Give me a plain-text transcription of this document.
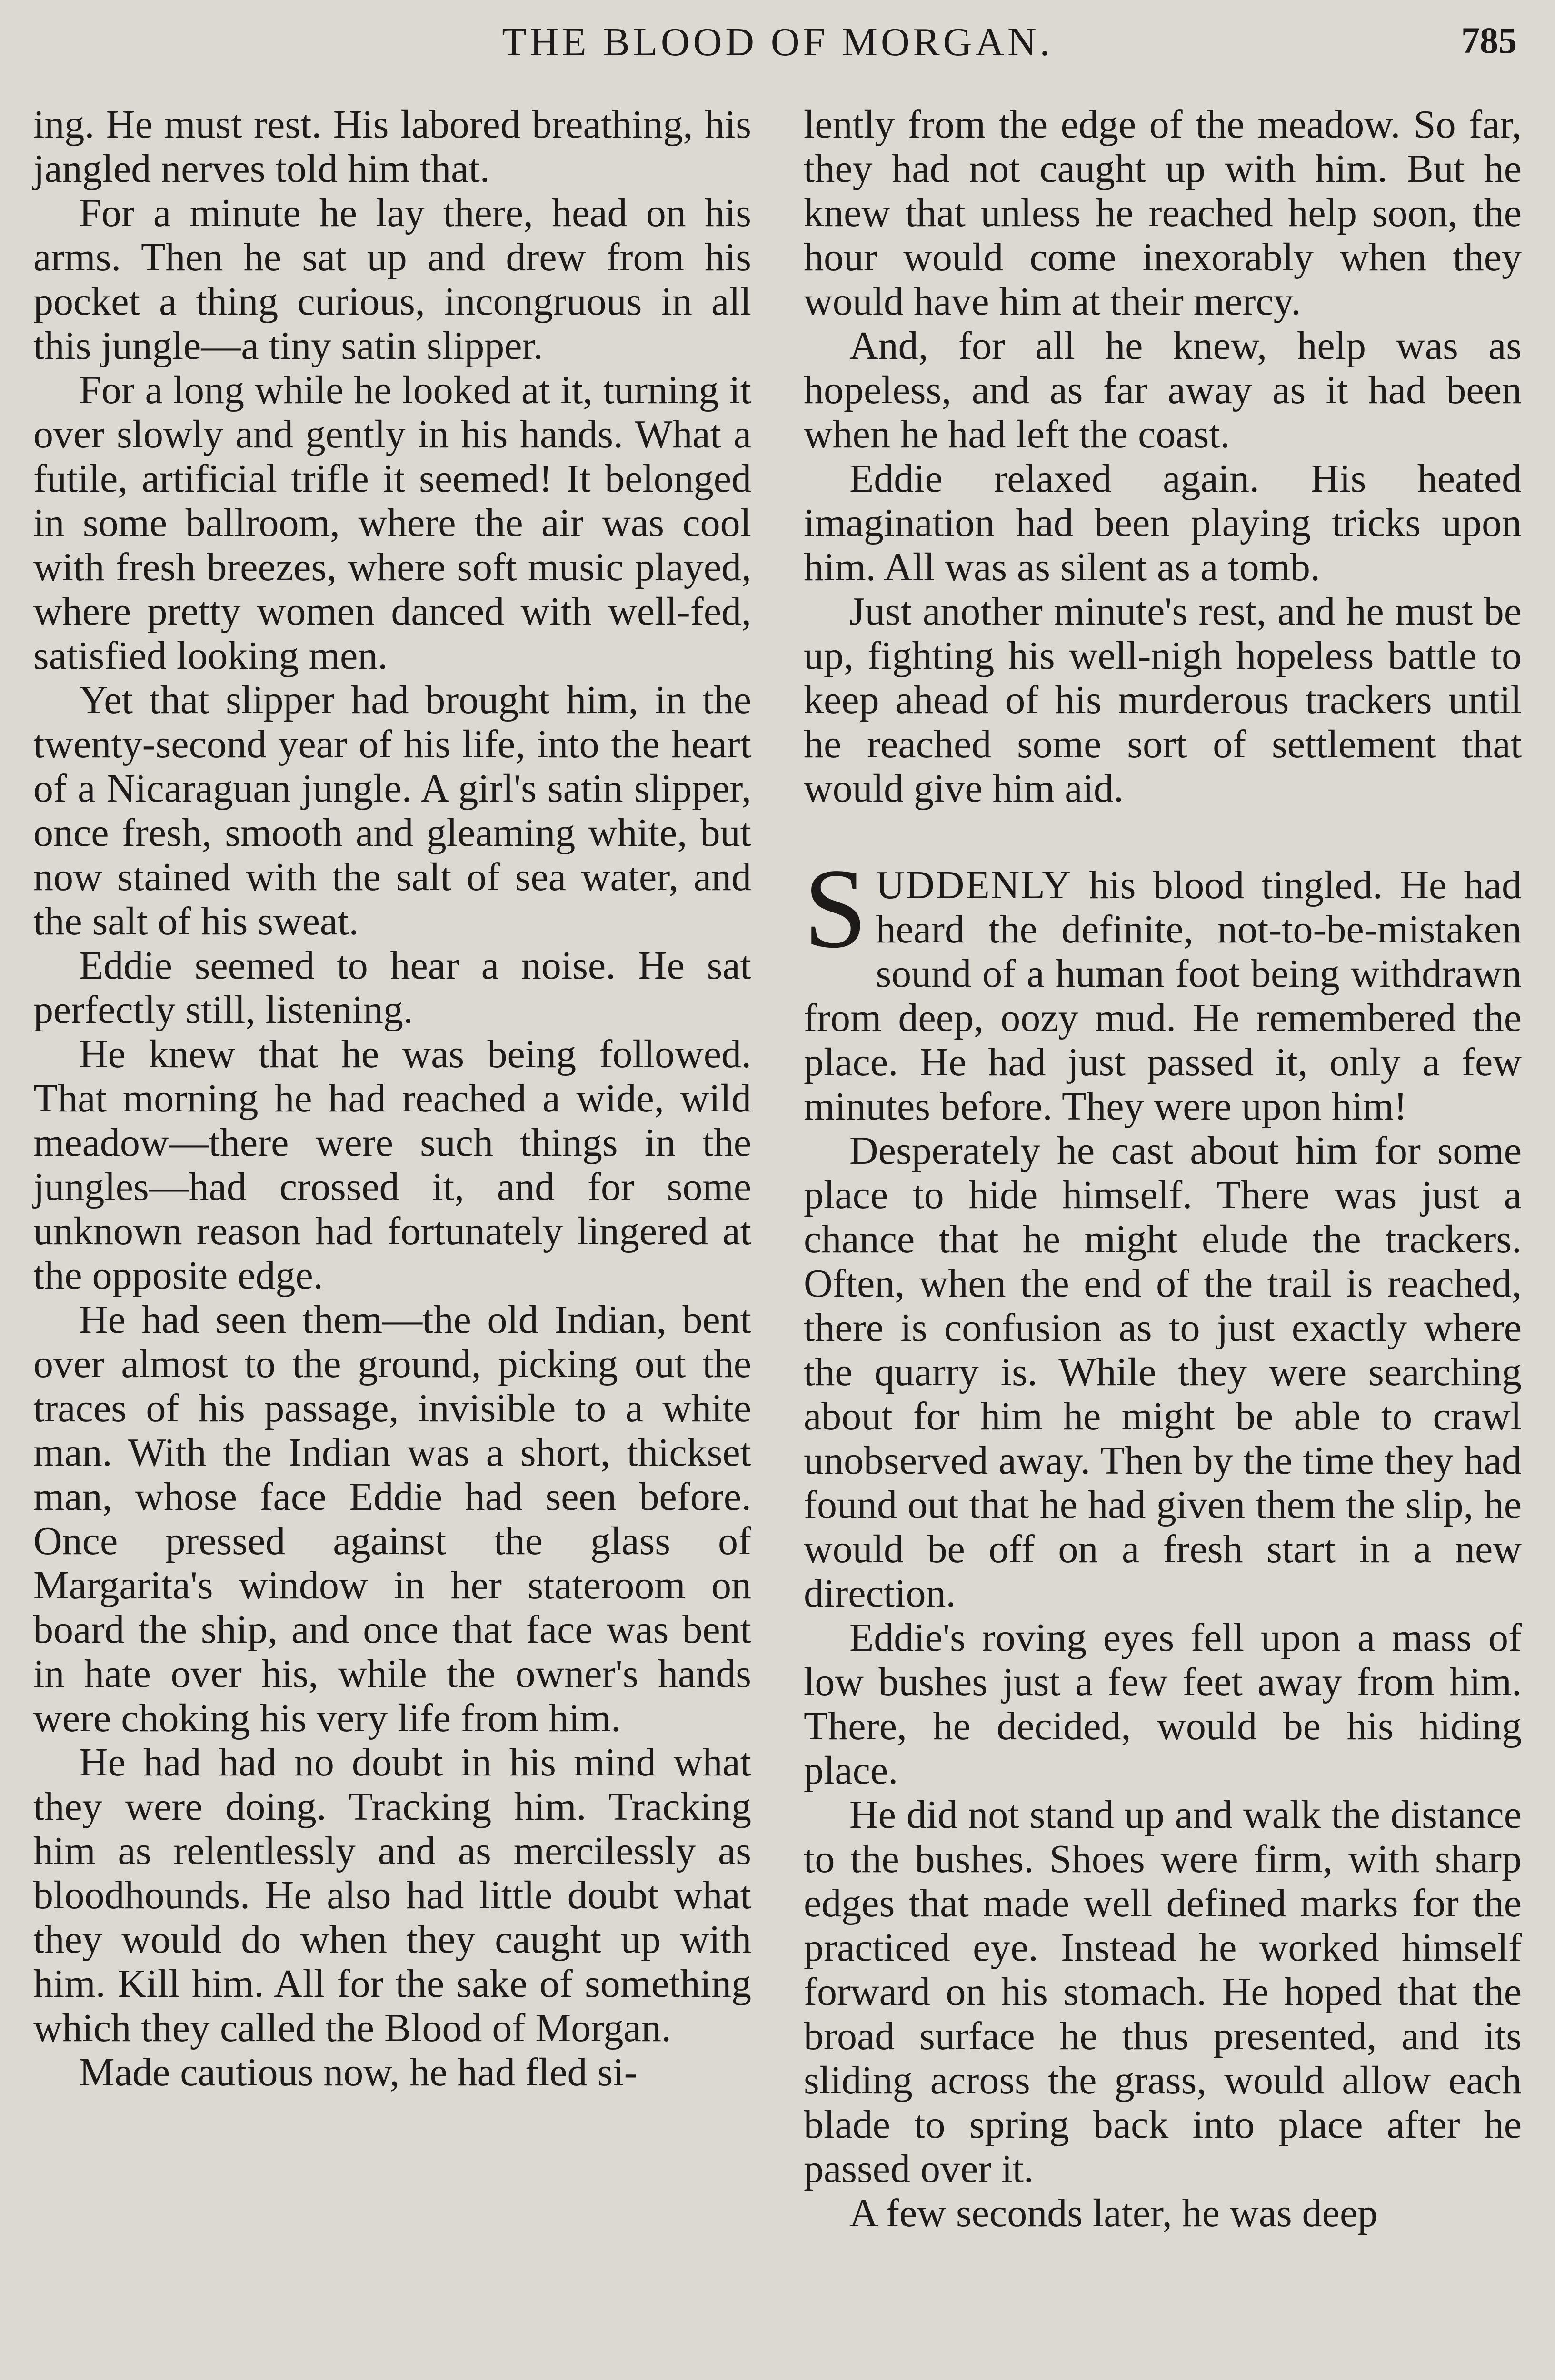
THE BLOOD OF MORGAN.	785

ing. He must rest. His labored breathing, his jangled nerves told him that.

For a minute he lay there, head on his arms. Then he sat up and drew from his pocket a thing curious, incongruous in all this jungle—a tiny satin slipper.

For a long while he looked at it, turning it over slowly and gently in his hands. What a futile, artificial trifle it seemed! It belonged in some ballroom, where the air was cool with fresh breezes, where soft music played, where pretty women danced with well-fed, satisfied looking men.

Yet that slipper had brought him, in the twenty-second year of his life, into the heart of a Nicaraguan jungle. A girl's satin slipper, once fresh, smooth and gleaming white, but now stained with the salt of sea water, and the salt of his sweat.

Eddie seemed to hear a noise. He sat perfectly still, listening.

He knew that he was being followed. That morning he had reached a wide, wild meadow—there were such things in the jungles—had crossed it, and for some unknown reason had fortunately lingered at the opposite edge.

He had seen them—the old Indian, bent over almost to the ground, picking out the traces of his passage, invisible to a white man. With the Indian was a short, thickset man, whose face Eddie had seen before. Once pressed against the glass of Margarita's window in her stateroom on board the ship, and once that face was bent in hate over his, while the owner's hands were choking his very life from him.

He had had no doubt in his mind what they were doing. Tracking him. Tracking him as relentlessly and as mercilessly as bloodhounds. He also had little doubt what they would do when they caught up with him. Kill him. All for the sake of something which they called the Blood of Morgan.

Made cautious now, he had fled si-

lently from the edge of the meadow. So far, they had not caught up with him. But he knew that unless he reached help soon, the hour would come inexorably when they would have him at their mercy.

And, for all he knew, help was as hopeless, and as far away as it had been when he had left the coast.

Eddie relaxed again. His heated imagination had been playing tricks upon him. All was as silent as a tomb.

Just another minute's rest, and he must be up, fighting his well-nigh hopeless battle to keep ahead of his murderous trackers until he reached some sort of settlement that would give him aid.

SUDDENLY his blood tingled. He had heard the definite, not-to-be-mistaken sound of a human foot being withdrawn from deep, oozy mud. He remembered the place. He had just passed it, only a few minutes before. They were upon him!

Desperately he cast about him for some place to hide himself. There was just a chance that he might elude the trackers. Often, when the end of the trail is reached, there is confusion as to just exactly where the quarry is. While they were searching about for him he might be able to crawl unobserved away. Then by the time they had found out that he had given them the slip, he would be off on a fresh start in a new direction.

Eddie's roving eyes fell upon a mass of low bushes just a few feet away from him. There, he decided, would be his hiding place.

He did not stand up and walk the distance to the bushes. Shoes were firm, with sharp edges that made well defined marks for the practiced eye. Instead he worked himself forward on his stomach. He hoped that the broad surface he thus presented, and its sliding across the grass, would allow each blade to spring back into place after he passed over it.

A few seconds later, he was deep
